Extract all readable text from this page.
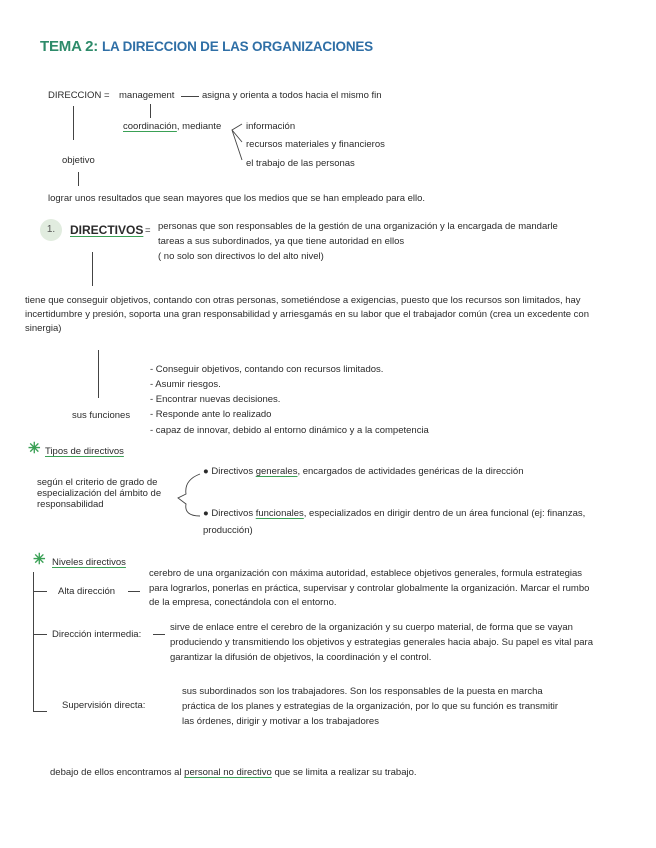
TEMA 2: LA DIRECCION DE LAS ORGANIZACIONES
DIRECCION = management	asigna y orienta a todos hacia el mismo fin
coordinación, mediante	información
recursos materiales y financieros
el trabajo de las personas
objetivo
lograr unos resultados que sean mayores que los medios que se han empleado para ello.
1.	DIRECTIVOS = personas que son responsables de la gestión de una organización y la encargada de mandarle
tareas a sus subordinados, ya que tiene autoridad en ellos
( no solo son directivos lo del alto nivel)
tiene que conseguir objetivos, contando con otras personas, sometiéndose a exigencias, puesto que los recursos son limitados, hay incertidumbre y presión, soporta una gran responsabilidad y arriesgamás en su labor que el trabajador común (crea un excedente con sinergia)
sus funciones
- Conseguir objetivos, contando con recursos limitados.
- Asumir riesgos.
- Encontrar nuevas decisiones.
- Responde ante lo realizado
- capaz de innovar, debido al entorno dinámico y a la competencia
✳ Tipos de directivos
según el criterio de grado de especialización del ámbito de responsabilidad
● Directivos generales, encargados de actividades genéricas de la dirección
● Directivos funcionales, especializados en dirigir dentro de un área funcional (ej: finanzas, producción)
✳ Niveles directivos
Alta dirección
cerebro de una organización con máxima autoridad, establece objetivos generales, formula estrategias para lograrlos, ponerlas en práctica, supervisar y controlar globalmente la organización. Marcar el rumbo de la empresa, conectándola con el entorno.
Dirección intermedia:
sirve de enlace entre el cerebro de la organización y su cuerpo material, de forma que se vayan produciendo y transmitiendo los objetivos y estrategias generales hacia abajo. Su papel es vital para garantizar la difusión de objetivos, la coordinación y el control.
Supervisión directa:
sus subordinados son los trabajadores. Son los responsables de la puesta en marcha práctica de los planes y estrategias de la organización, por lo que su función es transmitir las órdenes, dirigir y motivar a los trabajadores
debajo de ellos encontramos al personal no directivo que se limita a realizar su trabajo.
